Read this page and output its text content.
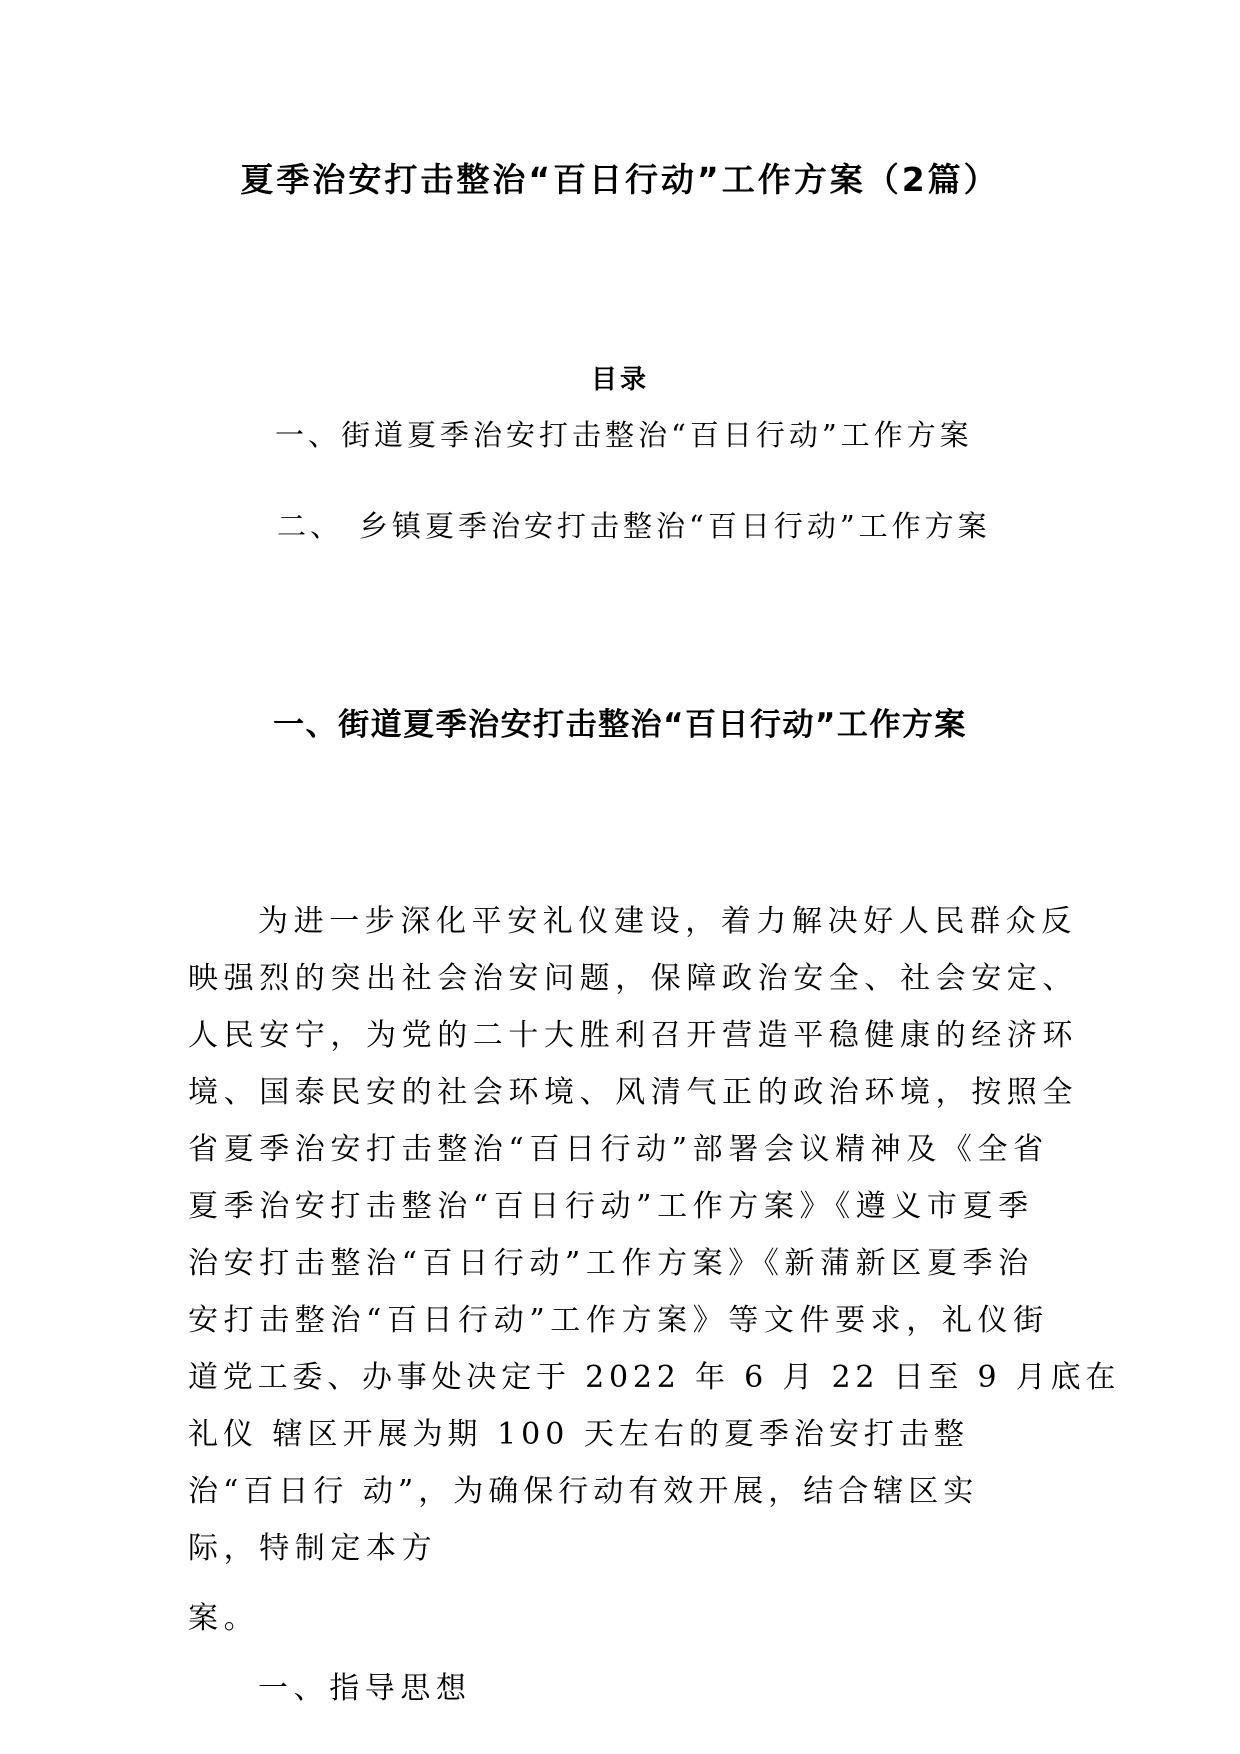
夏季治安打击整治“百日行动”工作方案（2篇）
目录
一、街道夏季治安打击整治“百日行动”工作方案
二、 乡镇夏季治安打击整治“百日行动”工作方案
一、街道夏季治安打击整治“百日行动”工作方案
为进一步深化平安礼仪建设，着力解决好人民群众反
映强烈的突出社会治安问题，保障政治安全、社会安定、
人民安宁，为党的二十大胜利召开营造平稳健康的经济环
境、国泰民安的社会环境、风清气正的政治环境，按照全
省夏季治安打击整治“百日行动”部署会议精神及《全省
夏季治安打击整治“百日行动”工作方案》《遵义市夏季
治安打击整治“百日行动”工作方案》《新蒲新区夏季治
安打击整治“百日行动”工作方案》等文件要求，礼仪街
道党工委、办事处决定于 2022 年 6 月 22 日至 9 月底在
礼仪 辖区开展为期 100 天左右的夏季治安打击整
治“百日行 动”，为确保行动有效开展，结合辖区实
际，特制定本方
案。
一、指导思想
